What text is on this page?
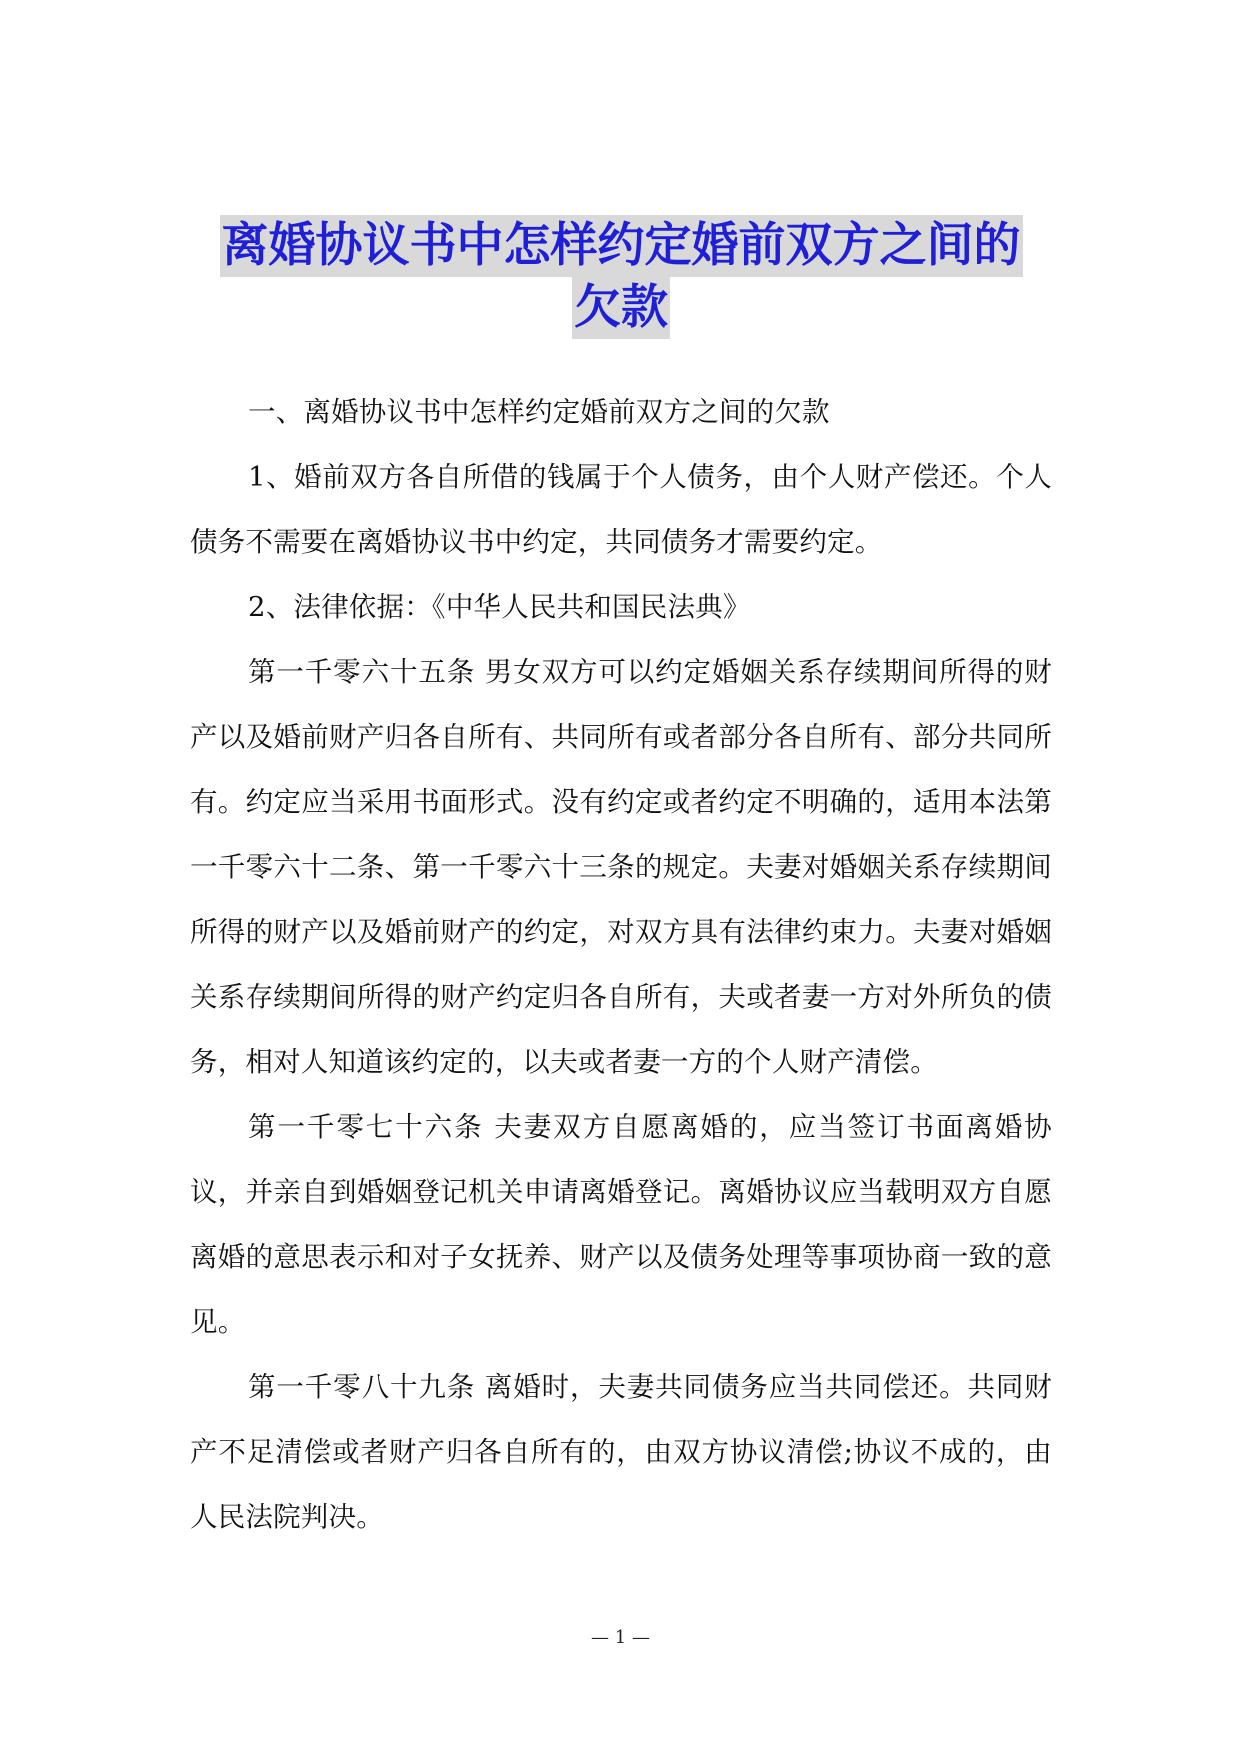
离婚协议书中怎样约定婚前双方之间的
欠款

一、离婚协议书中怎样约定婚前双方之间的欠款

1、婚前双方各自所借的钱属于个人债务，由个人财产偿还。个人债务不需要在离婚协议书中约定，共同债务才需要约定。

2、法律依据：《中华人民共和国民法典》

第一千零六十五条 男女双方可以约定婚姻关系存续期间所得的财产以及婚前财产归各自所有、共同所有或者部分各自所有、部分共同所有。约定应当采用书面形式。没有约定或者约定不明确的，适用本法第一千零六十二条、第一千零六十三条的规定。夫妻对婚姻关系存续期间所得的财产以及婚前财产的约定，对双方具有法律约束力。夫妻对婚姻关系存续期间所得的财产约定归各自所有，夫或者妻一方对外所负的债务，相对人知道该约定的，以夫或者妻一方的个人财产清偿。

第一千零七十六条 夫妻双方自愿离婚的，应当签订书面离婚协议，并亲自到婚姻登记机关申请离婚登记。离婚协议应当载明双方自愿离婚的意思表示和对子女抚养、财产以及债务处理等事项协商一致的意见。

第一千零八十九条 离婚时，夫妻共同债务应当共同偿还。共同财产不足清偿或者财产归各自所有的，由双方协议清偿;协议不成的，由人民法院判决。

— 1 —
